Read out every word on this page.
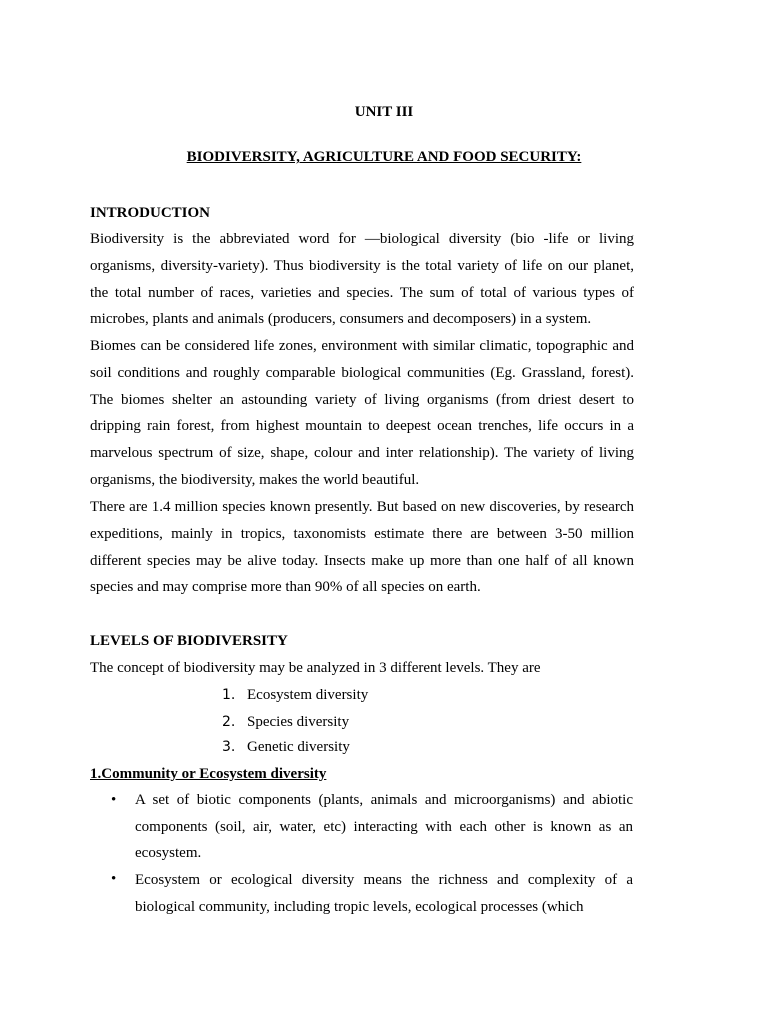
UNIT III
BIODIVERSITY, AGRICULTURE AND FOOD SECURITY:
INTRODUCTION

Biodiversity is the abbreviated word for —biological diversity (bio -life or living organisms, diversity-variety). Thus biodiversity is the total variety of life on our planet, the total number of races, varieties and species. The sum of total of various types of microbes, plants and animals (producers, consumers and decomposers) in a system.

Biomes can be considered life zones, environment with similar climatic, topographic and soil conditions and roughly comparable biological communities (Eg. Grassland, forest). The biomes shelter an astounding variety of living organisms (from driest desert to dripping rain forest, from highest mountain to deepest ocean trenches, life occurs in a marvelous spectrum of size, shape, colour and inter relationship). The variety of living organisms, the biodiversity, makes the world beautiful.

There are 1.4 million species known presently. But based on new discoveries, by research expeditions, mainly in tropics, taxonomists estimate there are between 3-50 million different species may be alive today. Insects make up more than one half of all known species and may comprise more than 90% of all species on earth.

LEVELS OF BIODIVERSITY
The concept of biodiversity may be analyzed in 3 different levels. They are
1. Ecosystem diversity
2. Species diversity
3. Genetic diversity
1.Community or Ecosystem diversity
• A set of biotic components (plants, animals and microorganisms) and abiotic components (soil, air, water, etc) interacting with each other is known as an ecosystem.

• Ecosystem or ecological diversity means the richness and complexity of a biological community, including tropic levels, ecological processes (which
